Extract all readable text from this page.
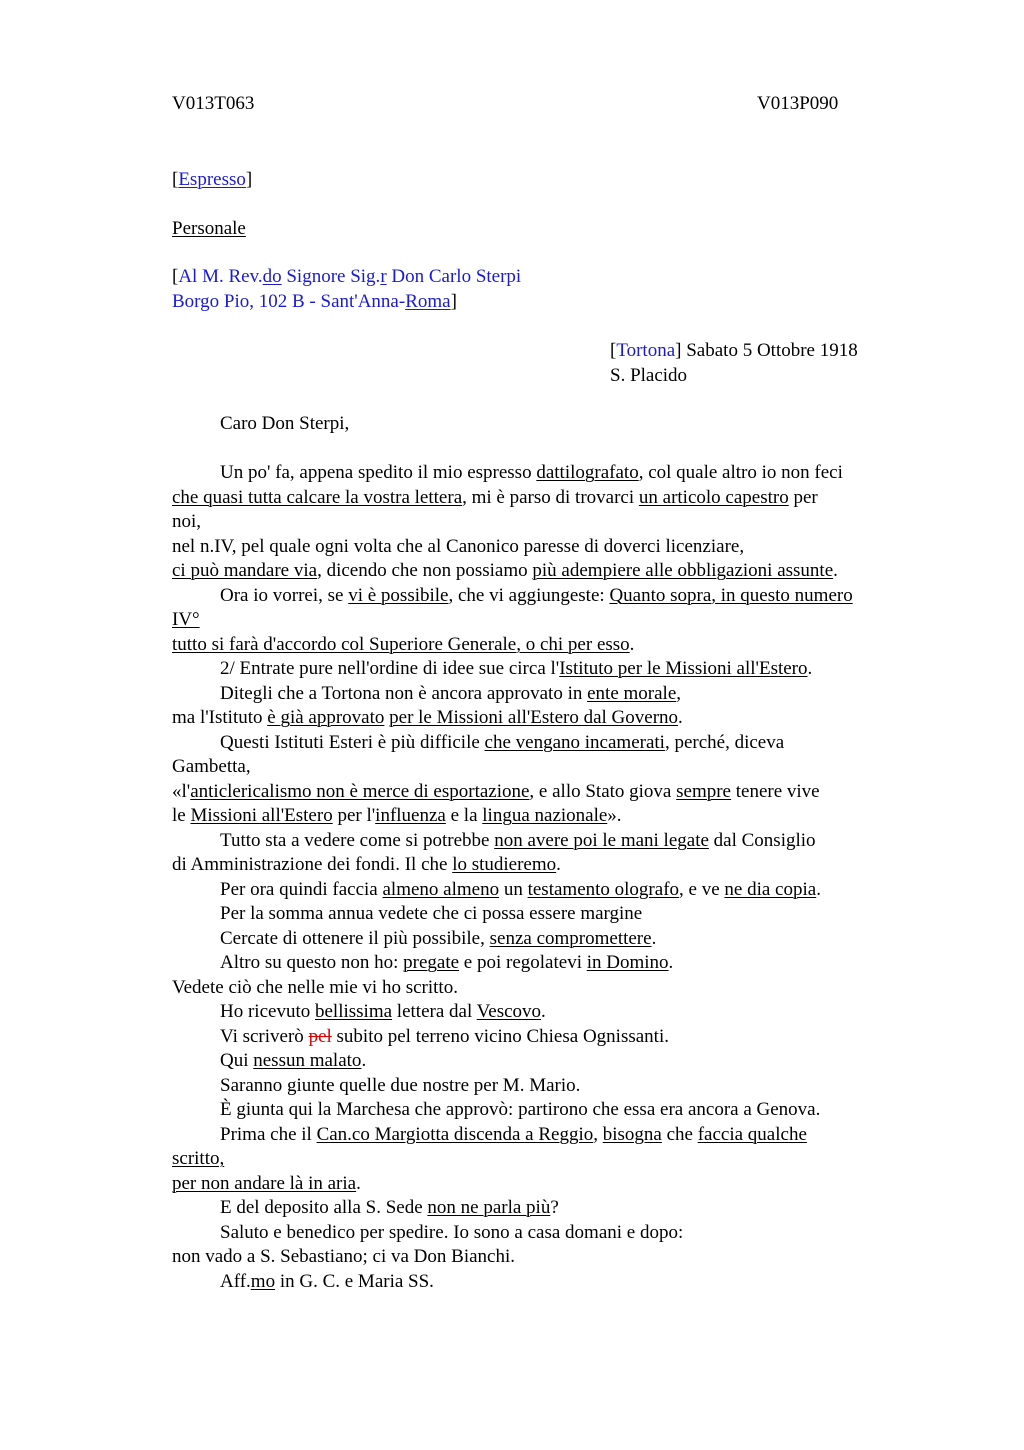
V013T063	V013P090
[Espresso]
Personale
[Al M. Rev.do Signore Sig.r Don Carlo Sterpi
Borgo Pio, 102 B - Sant'Anna-Roma]
[Tortona] Sabato 5 Ottobre 1918
S. Placido
Caro Don Sterpi,
Un po' fa, appena spedito il mio espresso dattilografato, col quale altro io non feci
che quasi tutta calcare la vostra lettera, mi è parso di trovarci un articolo capestro per
noi,
nel n.IV, pel quale ogni volta che al Canonico paresse di doverci licenziare,
ci può mandare via, dicendo che non possiamo più adempiere alle obbligazioni assunte.
Ora io vorrei, se vi è possibile, che vi aggiungeste: Quanto sopra, in questo numero
IV°
tutto si farà d'accordo col Superiore Generale, o chi per esso.
2/ Entrate pure nell'ordine di idee sue circa l'Istituto per le Missioni all'Estero.
Ditegli che a Tortona non è ancora approvato in ente morale,
ma l'Istituto è già approvato per le Missioni all'Estero dal Governo.
Questi Istituti Esteri è più difficile che vengano incamerati, perché, diceva
Gambetta,
«l'anticlericalismo non è merce di esportazione, e allo Stato giova sempre tenere vive
le Missioni all'Estero per l'influenza e la lingua nazionale».
Tutto sta a vedere come si potrebbe non avere poi le mani legate dal Consiglio
di Amministrazione dei fondi. Il che lo studieremo.
Per ora quindi faccia almeno almeno un testamento olografo, e ve ne dia copia.
Per la somma annua vedete che ci possa essere margine
Cercate di ottenere il più possibile, senza compromettere.
Altro su questo non ho: pregate e poi regolatevi in Domino.
Vedete ciò che nelle mie vi ho scritto.
Ho ricevuto bellissima lettera dal Vescovo.
Vi scriverò pel subito pel terreno vicino Chiesa Ognissanti.
Qui nessun malato.
Saranno giunte quelle due nostre per M. Mario.
È giunta qui la Marchesa che approvò: partirono che essa era ancora a Genova.
Prima che il Can.co Margiotta discenda a Reggio, bisogna che faccia qualche
scritto,
per non andare là in aria.
E del deposito alla S. Sede non ne parla più?
Saluto e benedico per spedire. Io sono a casa domani e dopo:
non vado a S. Sebastiano; ci va Don Bianchi.
Aff.mo in G. C. e Maria SS.
